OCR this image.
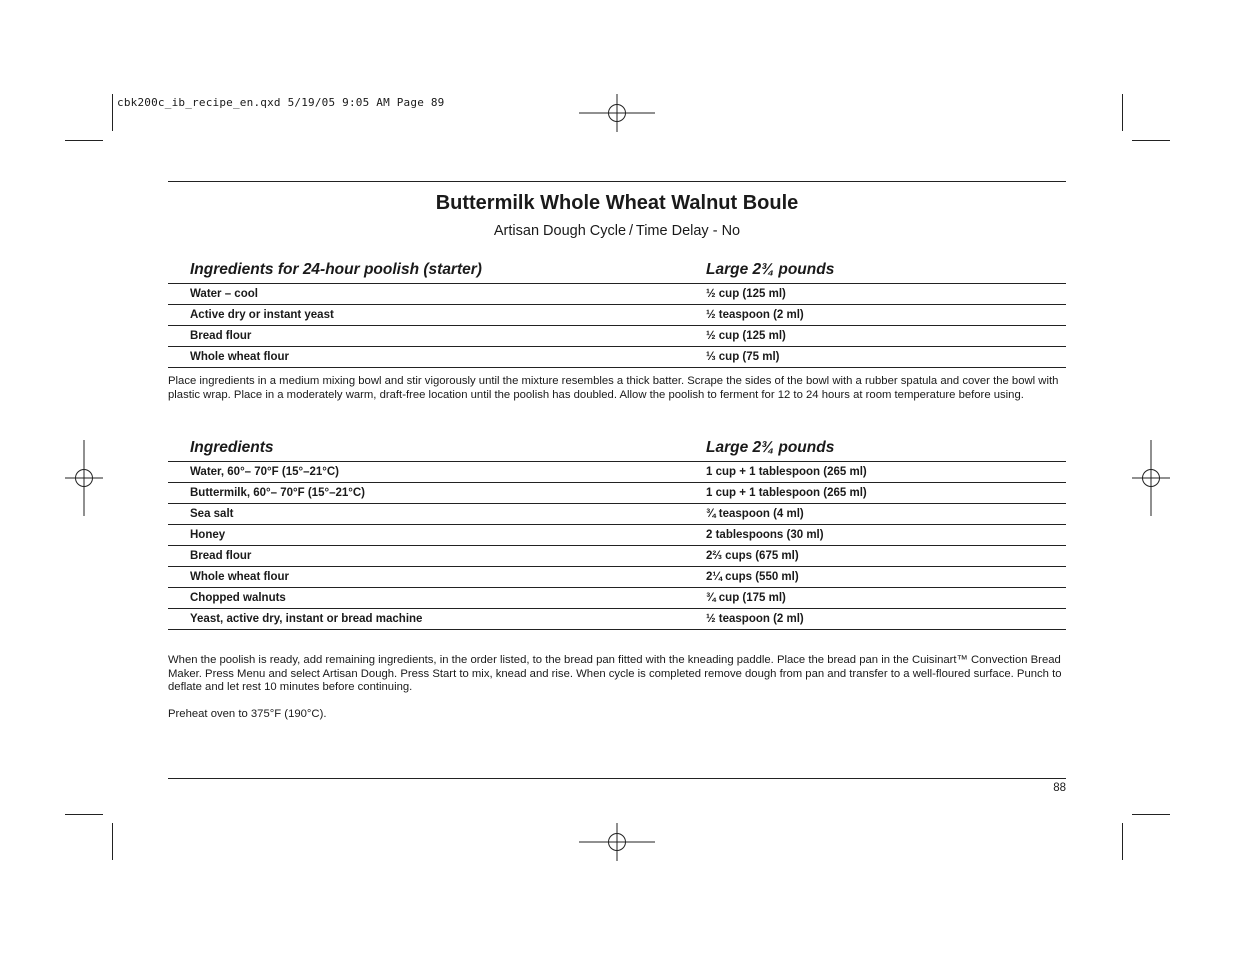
cbk200c_ib_recipe_en.qxd 5/19/05 9:05 AM Page 89
Buttermilk Whole Wheat Walnut Boule
Artisan Dough Cycle / Time Delay - No
Ingredients for 24-hour poolish (starter)	Large 2¾ pounds
Water – cool	½ cup (125 ml)
Active dry or instant yeast	½ teaspoon (2 ml)
Bread flour	½ cup (125 ml)
Whole wheat flour	⅓ cup (75 ml)
Place ingredients in a medium mixing bowl and stir vigorously until the mixture resembles a thick batter. Scrape the sides of the bowl with a rubber spatula and cover the bowl with plastic wrap. Place in a moderately warm, draft-free location until the poolish has doubled. Allow the poolish to ferment for 12 to 24 hours at room temperature before using.
Ingredients	Large 2¾ pounds
Water, 60°– 70°F (15°–21°C)	1 cup + 1 tablespoon (265 ml)
Buttermilk, 60°– 70°F (15°–21°C)	1 cup + 1 tablespoon (265 ml)
Sea salt	¾ teaspoon (4 ml)
Honey	2 tablespoons (30 ml)
Bread flour	2⅔ cups (675 ml)
Whole wheat flour	2¼ cups (550 ml)
Chopped walnuts	¾ cup (175 ml)
Yeast, active dry, instant or bread machine	½ teaspoon (2 ml)
When the poolish is ready, add remaining ingredients, in the order listed, to the bread pan fitted with the kneading paddle. Place the bread pan in the Cuisinart™ Convection Bread Maker. Press Menu and select Artisan Dough. Press Start to mix, knead and rise. When cycle is completed remove dough from pan and transfer to a well-floured surface. Punch to deflate and let rest 10 minutes before continuing.
Preheat oven to 375°F (190°C).
88
